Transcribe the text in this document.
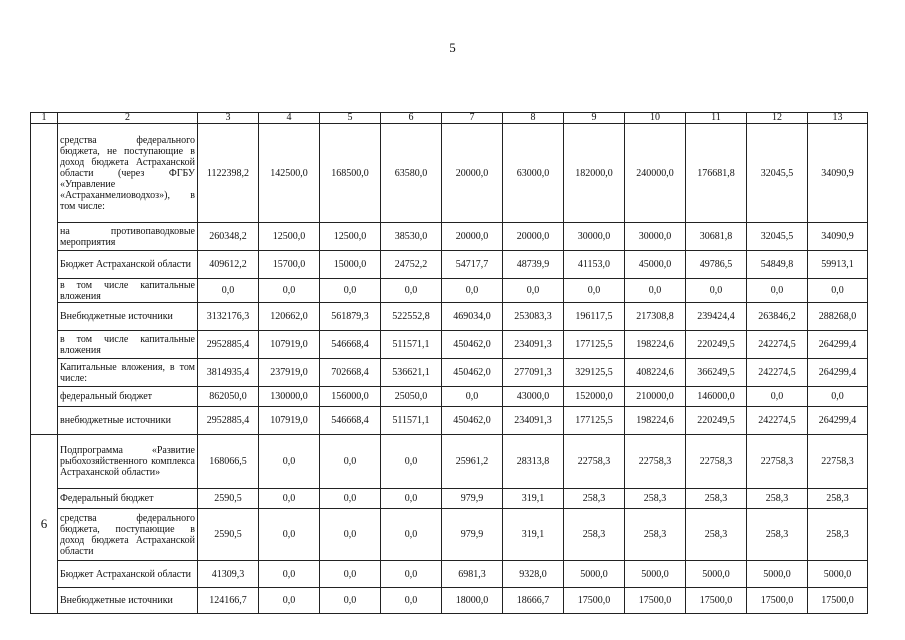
5
1	2	3	4	5	6	7	8	9	10	11	12	13
	средства федерального бюджета, не поступающие в доход бюджета Астраханской области (через ФГБУ «Управление «Астраханмелиоводхоз»), в том числе:	1122398,2	142500,0	168500,0	63580,0	20000,0	63000,0	182000,0	240000,0	176681,8	32045,5	34090,9
	на противопаводковые мероприятия	260348,2	12500,0	12500,0	38530,0	20000,0	20000,0	30000,0	30000,0	30681,8	32045,5	34090,9
	Бюджет Астраханской области	409612,2	15700,0	15000,0	24752,2	54717,7	48739,9	41153,0	45000,0	49786,5	54849,8	59913,1
	в том числе капитальные вложения	0,0	0,0	0,0	0,0	0,0	0,0	0,0	0,0	0,0	0,0	0,0
	Внебюджетные источники	3132176,3	120662,0	561879,3	522552,8	469034,0	253083,3	196117,5	217308,8	239424,4	263846,2	288268,0
	в том числе капитальные вложения	2952885,4	107919,0	546668,4	511571,1	450462,0	234091,3	177125,5	198224,6	220249,5	242274,5	264299,4
	Капитальные вложения, в том числе:	3814935,4	237919,0	702668,4	536621,1	450462,0	277091,3	329125,5	408224,6	366249,5	242274,5	264299,4
	федеральный бюджет	862050,0	130000,0	156000,0	25050,0	0,0	43000,0	152000,0	210000,0	146000,0	0,0	0,0
	внебюджетные источники	2952885,4	107919,0	546668,4	511571,1	450462,0	234091,3	177125,5	198224,6	220249,5	242274,5	264299,4
6	Подпрограмма «Развитие рыбохозяйственного комплекса Астраханской области»	168066,5	0,0	0,0	0,0	25961,2	28313,8	22758,3	22758,3	22758,3	22758,3	22758,3
	Федеральный бюджет	2590,5	0,0	0,0	0,0	979,9	319,1	258,3	258,3	258,3	258,3	258,3
	средства федерального бюджета, поступающие в доход бюджета Астраханской области	2590,5	0,0	0,0	0,0	979,9	319,1	258,3	258,3	258,3	258,3	258,3
	Бюджет Астраханской области	41309,3	0,0	0,0	0,0	6981,3	9328,0	5000,0	5000,0	5000,0	5000,0	5000,0
	Внебюджетные источники	124166,7	0,0	0,0	0,0	18000,0	18666,7	17500,0	17500,0	17500,0	17500,0	17500,0
